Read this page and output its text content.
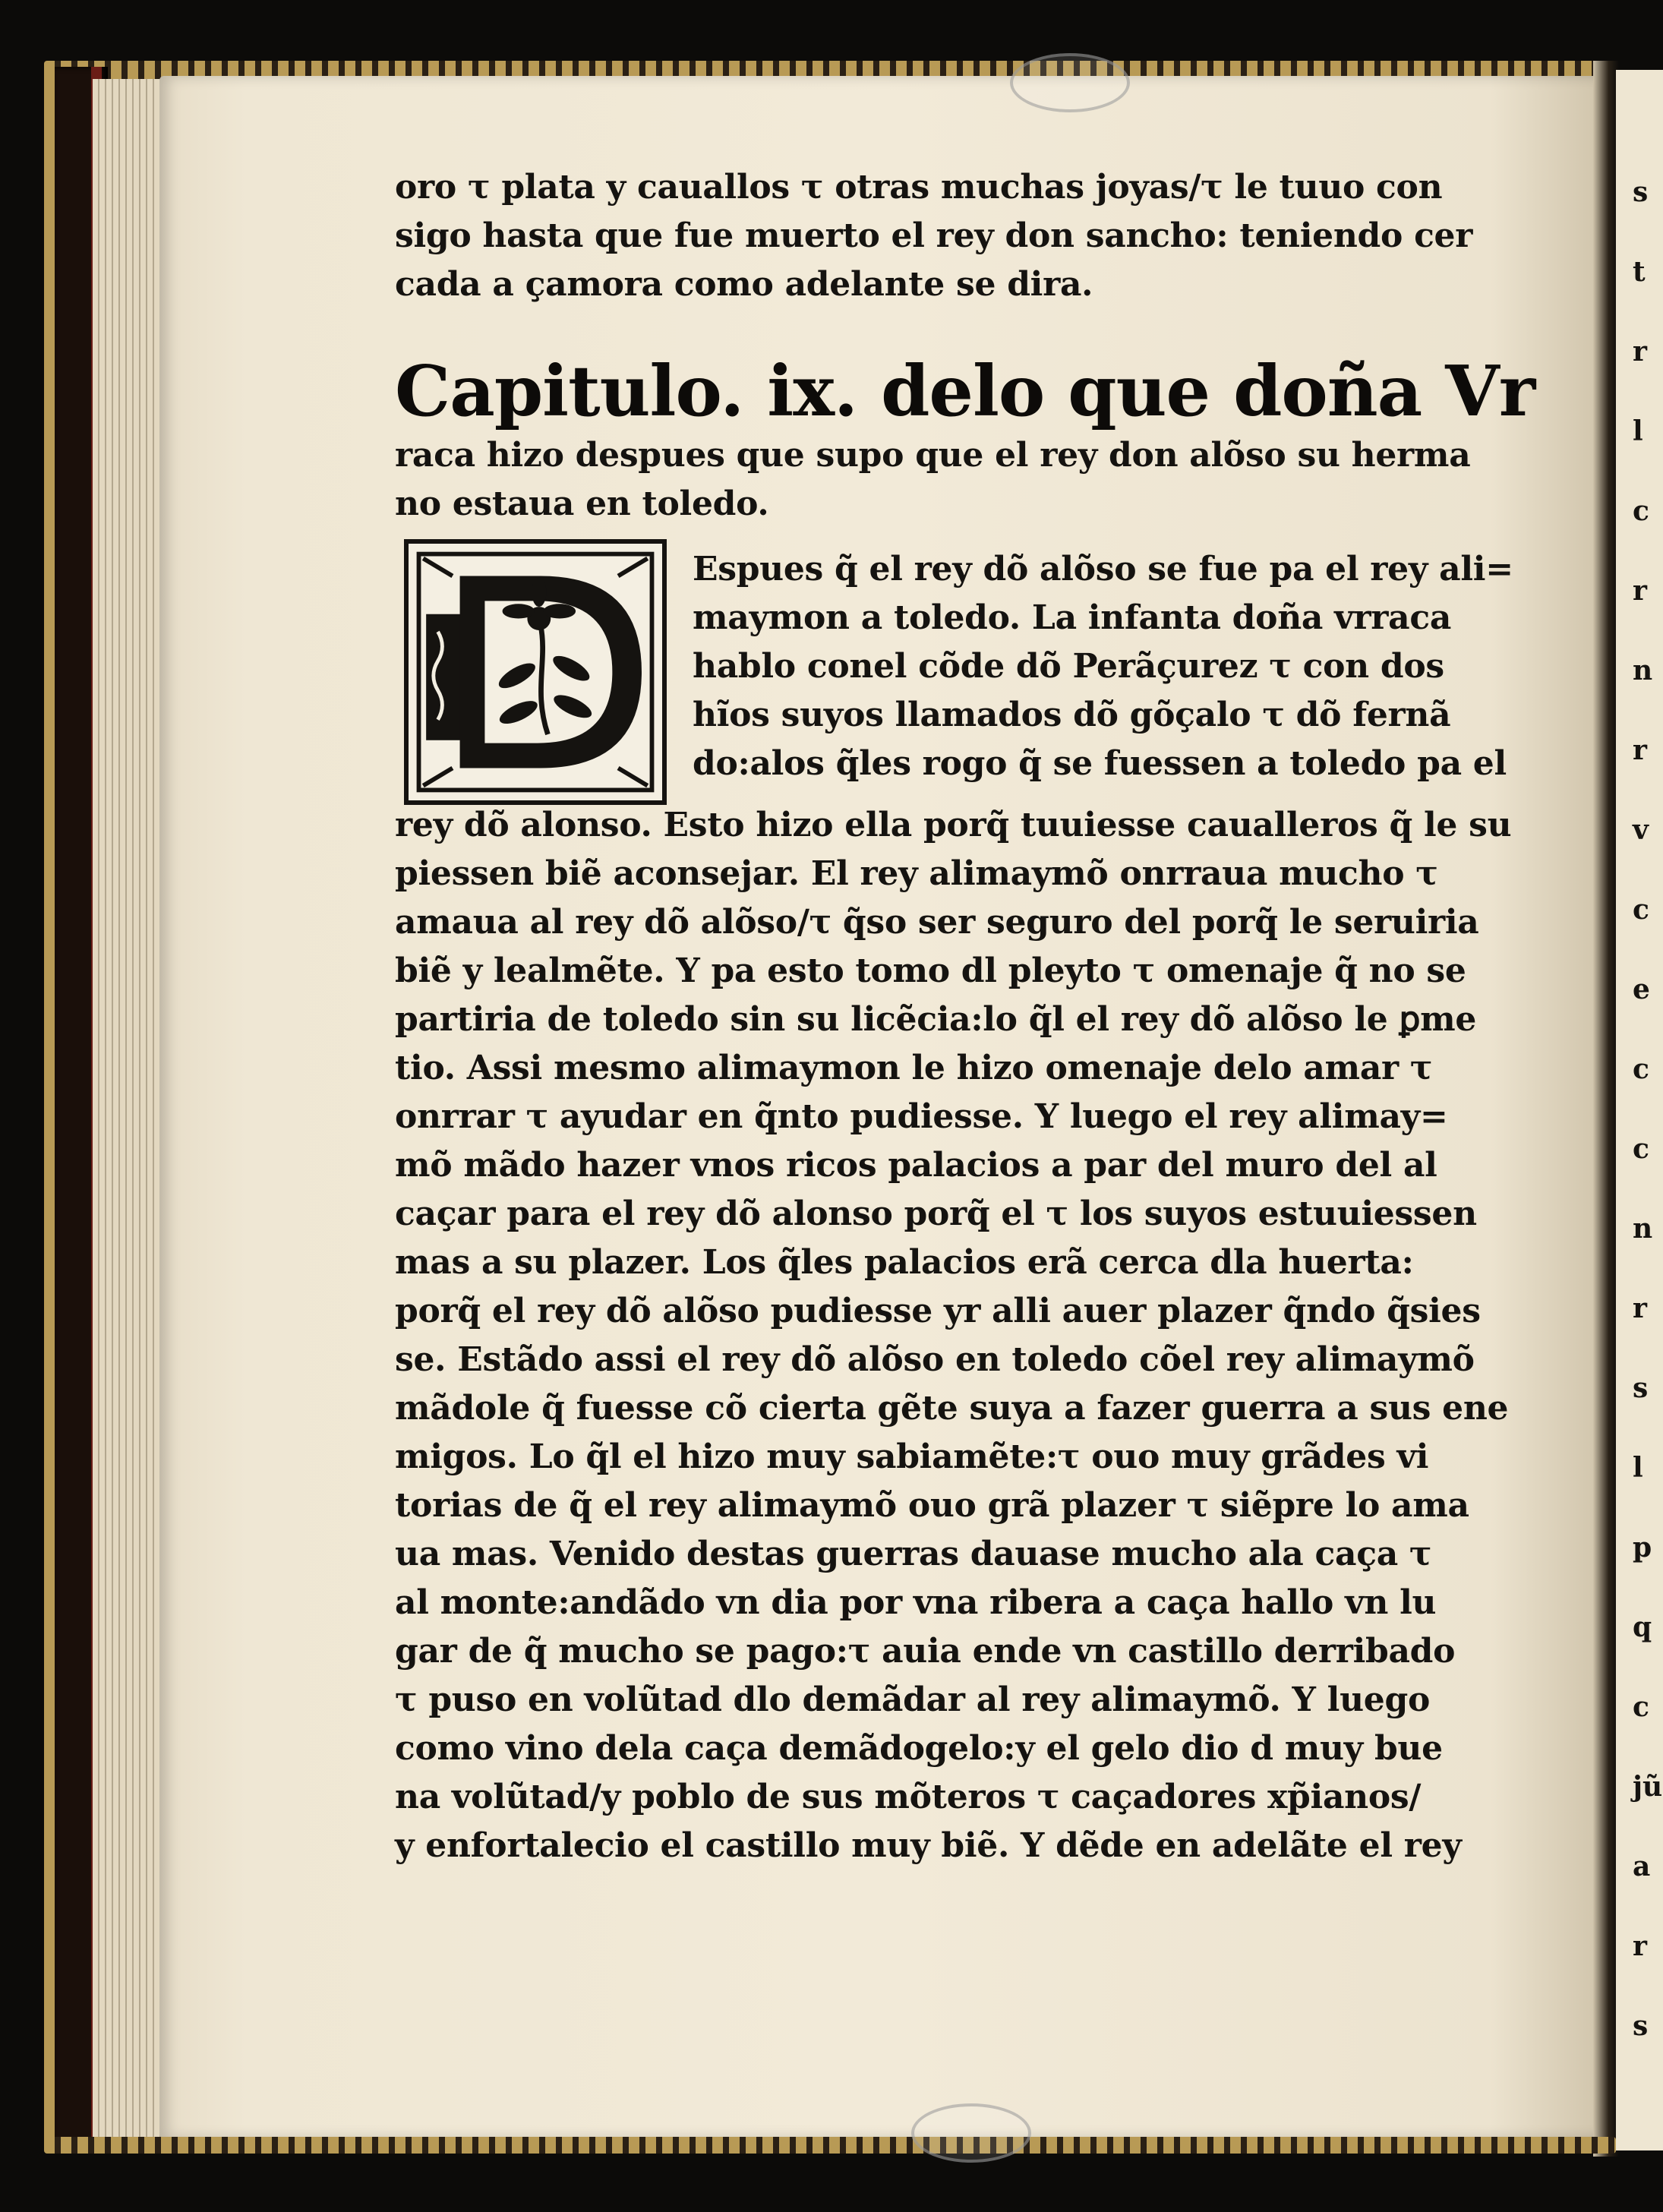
s
t
r
l
c
r
n
r
v
c
e
c
c
n
r
s
l
p
q
c
jũ
a
r
s
oro τ plata y cauallos τ otras muchas joyas/τ le tuuo con
sigo hasta que fue muerto el rey don sancho: teniendo cer
cada a çamora como adelante se dira.
Capitulo. ix. delo que doña Vr
raca hizo despues que supo que el rey don alõso su herma
no estaua en toledo.
Espues q̃ el rey dõ alõso se fue pa el rey ali=
maymon a toledo. La infanta doña vrraca
hablo conel cõde dõ Perãçurez τ con dos
hĩos suyos llamados dõ gõçalo τ dõ fernã
do:alos q̃les rogo q̃ se fuessen a toledo pa el
rey dõ alonso. Esto hizo ella porq̃ tuuiesse caualleros q̃ le su
piessen biẽ aconsejar. El rey alimaymõ onrraua mucho τ
amaua al rey dõ alõso/τ q̃so ser seguro del porq̃ le seruiria
biẽ y lealmẽte. Y pa esto tomo dl pleyto τ omenaje q̃ no se
partiria de toledo sin su licẽcia:lo q̃l el rey dõ alõso le ꝑme
tio. Assi mesmo alimaymon le hizo omenaje delo amar τ
onrrar τ ayudar en q̃nto pudiesse. Y luego el rey alimay=
mõ mãdo hazer vnos ricos palacios a par del muro del al
caçar para el rey dõ alonso porq̃ el τ los suyos estuuiessen
mas a su plazer. Los q̃les palacios erã cerca dla huerta:
porq̃ el rey dõ alõso pudiesse yr alli auer plazer q̃ndo q̃sies
se. Estãdo assi el rey dõ alõso en toledo cõel rey alimaymõ
mãdole q̃ fuesse cõ cierta gẽte suya a fazer guerra a sus ene
migos. Lo q̃l el hizo muy sabiamẽte:τ ouo muy grãdes vi
torias de q̃ el rey alimaymõ ouo grã plazer τ siẽpre lo ama
ua mas. Venido destas guerras dauase mucho ala caça τ
al monte:andãdo vn dia por vna ribera a caça hallo vn lu
gar de q̃ mucho se pago:τ auia ende vn castillo derribado
τ puso en volũtad dlo demãdar al rey alimaymõ. Y luego
como vino dela caça demãdogelo:y el gelo dio d muy bue
na volũtad/y poblo de sus mõteros τ caçadores xp̃ianos/
y enfortalecio el castillo muy biẽ. Y dẽde en adelãte el rey
